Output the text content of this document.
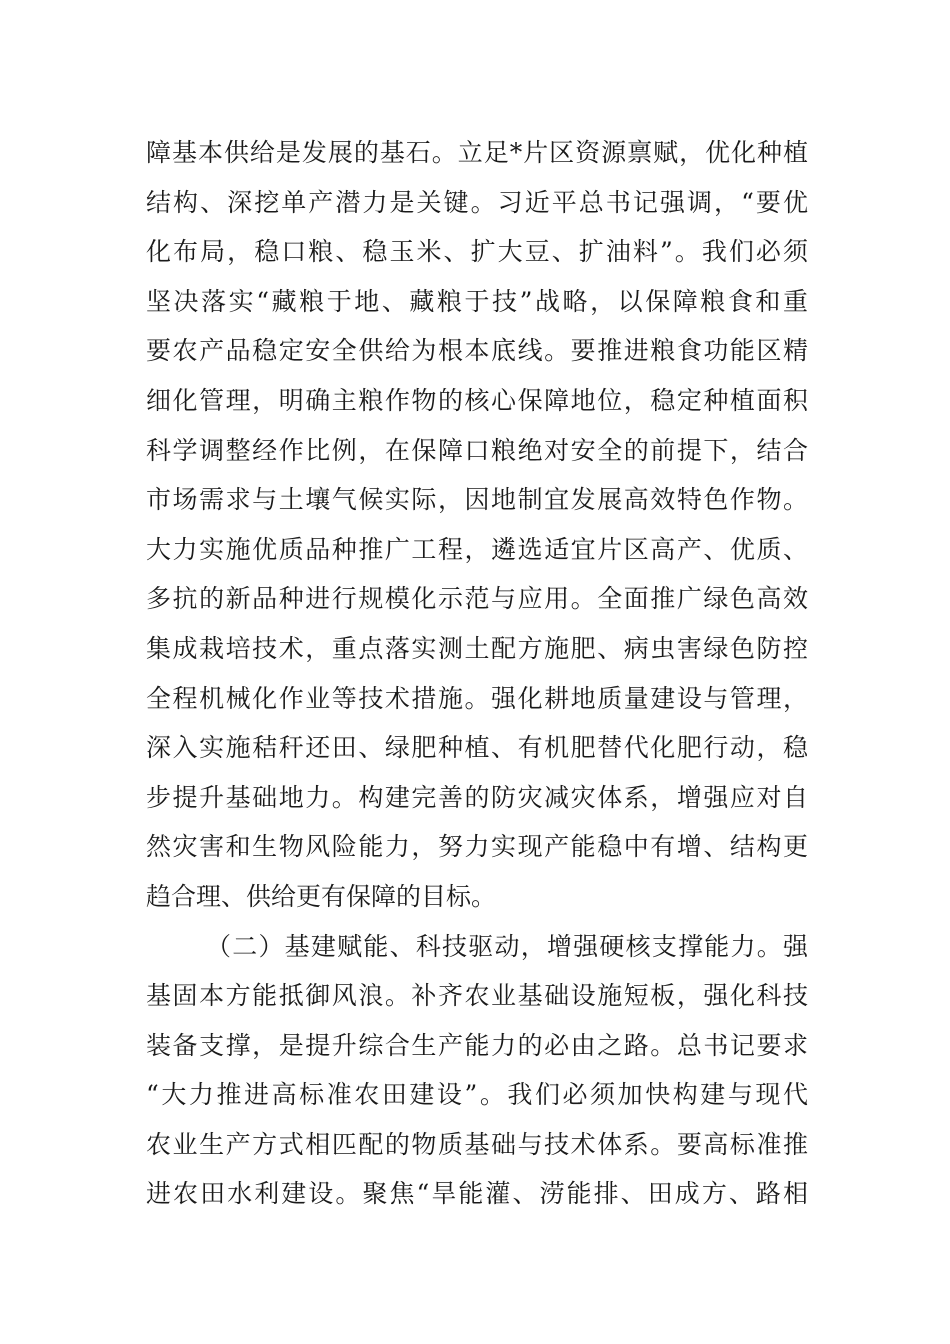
障基本供给是发展的基石。立足*片区资源禀赋，优化种植
结构、深挖单产潜力是关键。习近平总书记强调，“要优
化布局，稳口粮、稳玉米、扩大豆、扩油料”。我们必须
坚决落实“藏粮于地、藏粮于技”战略，以保障粮食和重
要农产品稳定安全供给为根本底线。要推进粮食功能区精
细化管理，明确主粮作物的核心保障地位，稳定种植面积
科学调整经作比例，在保障口粮绝对安全的前提下，结合
市场需求与土壤气候实际，因地制宜发展高效特色作物。
大力实施优质品种推广工程，遴选适宜片区高产、优质、
多抗的新品种进行规模化示范与应用。全面推广绿色高效
集成栽培技术，重点落实测土配方施肥、病虫害绿色防控
全程机械化作业等技术措施。强化耕地质量建设与管理，
深入实施秸秆还田、绿肥种植、有机肥替代化肥行动，稳
步提升基础地力。构建完善的防灾减灾体系，增强应对自
然灾害和生物风险能力，努力实现产能稳中有增、结构更
趋合理、供给更有保障的目标。
（二）基建赋能、科技驱动，增强硬核支撑能力。强
基固本方能抵御风浪。补齐农业基础设施短板，强化科技
装备支撑，是提升综合生产能力的必由之路。总书记要求
“大力推进高标准农田建设”。我们必须加快构建与现代
农业生产方式相匹配的物质基础与技术体系。要高标准推
进农田水利建设。聚焦“旱能灌、涝能排、田成方、路相
